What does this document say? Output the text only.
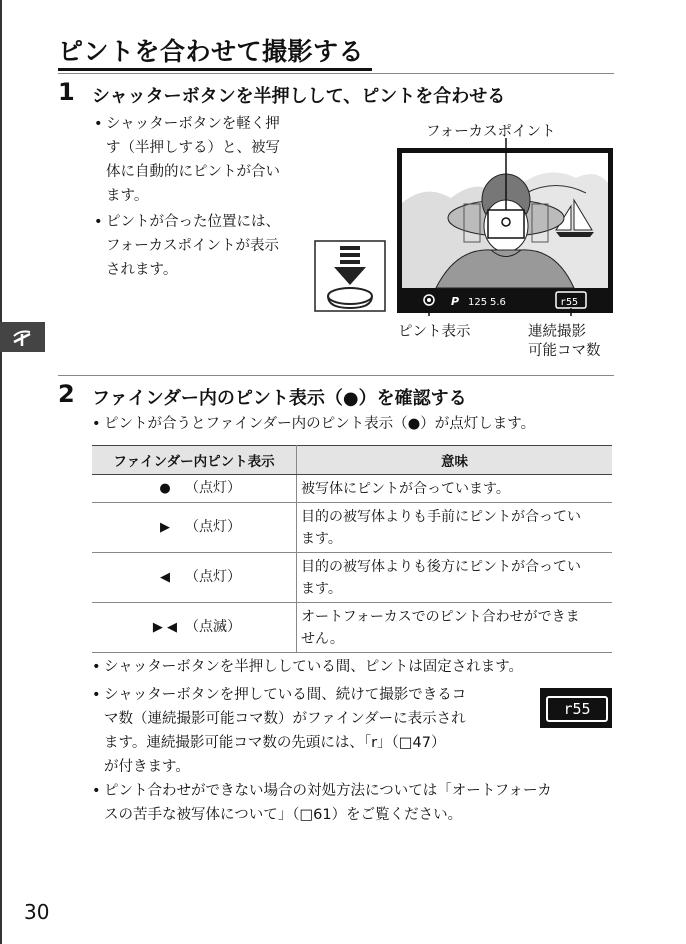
ピントを合わせて撮影する
1 シャッターボタンを半押しして、ピントを合わせる
• シャッターボタンを軽く押
す（半押しする）と、被写
体に自動的にピントが合い
ます。
• ピントが合った位置には、
フォーカスポイントが表示
されます。
フォーカスポイント
P 125 5.6	r55
ピント表示	連続撮影
可能コマ数
2 ファインダー内のピント表示（●）を確認する
• ピントが合うとファインダー内のピント表示（●）が点灯します。
ファインダー内ピント表示	意味
● （点灯）	被写体にピントが合っています。

▶ （点灯）	目的の被写体よりも手前にピントが合ってい
ます。

◀ （点灯）	目的の被写体よりも後方にピントが合ってい
ます。

▶ ◀ （点滅）	オートフォーカスでのピント合わせができま
せん。
• シャッターボタンを半押ししている間、ピントは固定されます。
• シャッターボタンを押している間、続けて撮影できるコ
マ数（連続撮影可能コマ数）がファインダーに表示され
ます。連続撮影可能コマ数の先頭には、「r」（□47）
が付きます。
r55
• ピント合わせができない場合の対処方法については「オートフォーカ
スの苦手な被写体について」（□61）をご覧ください。
30
